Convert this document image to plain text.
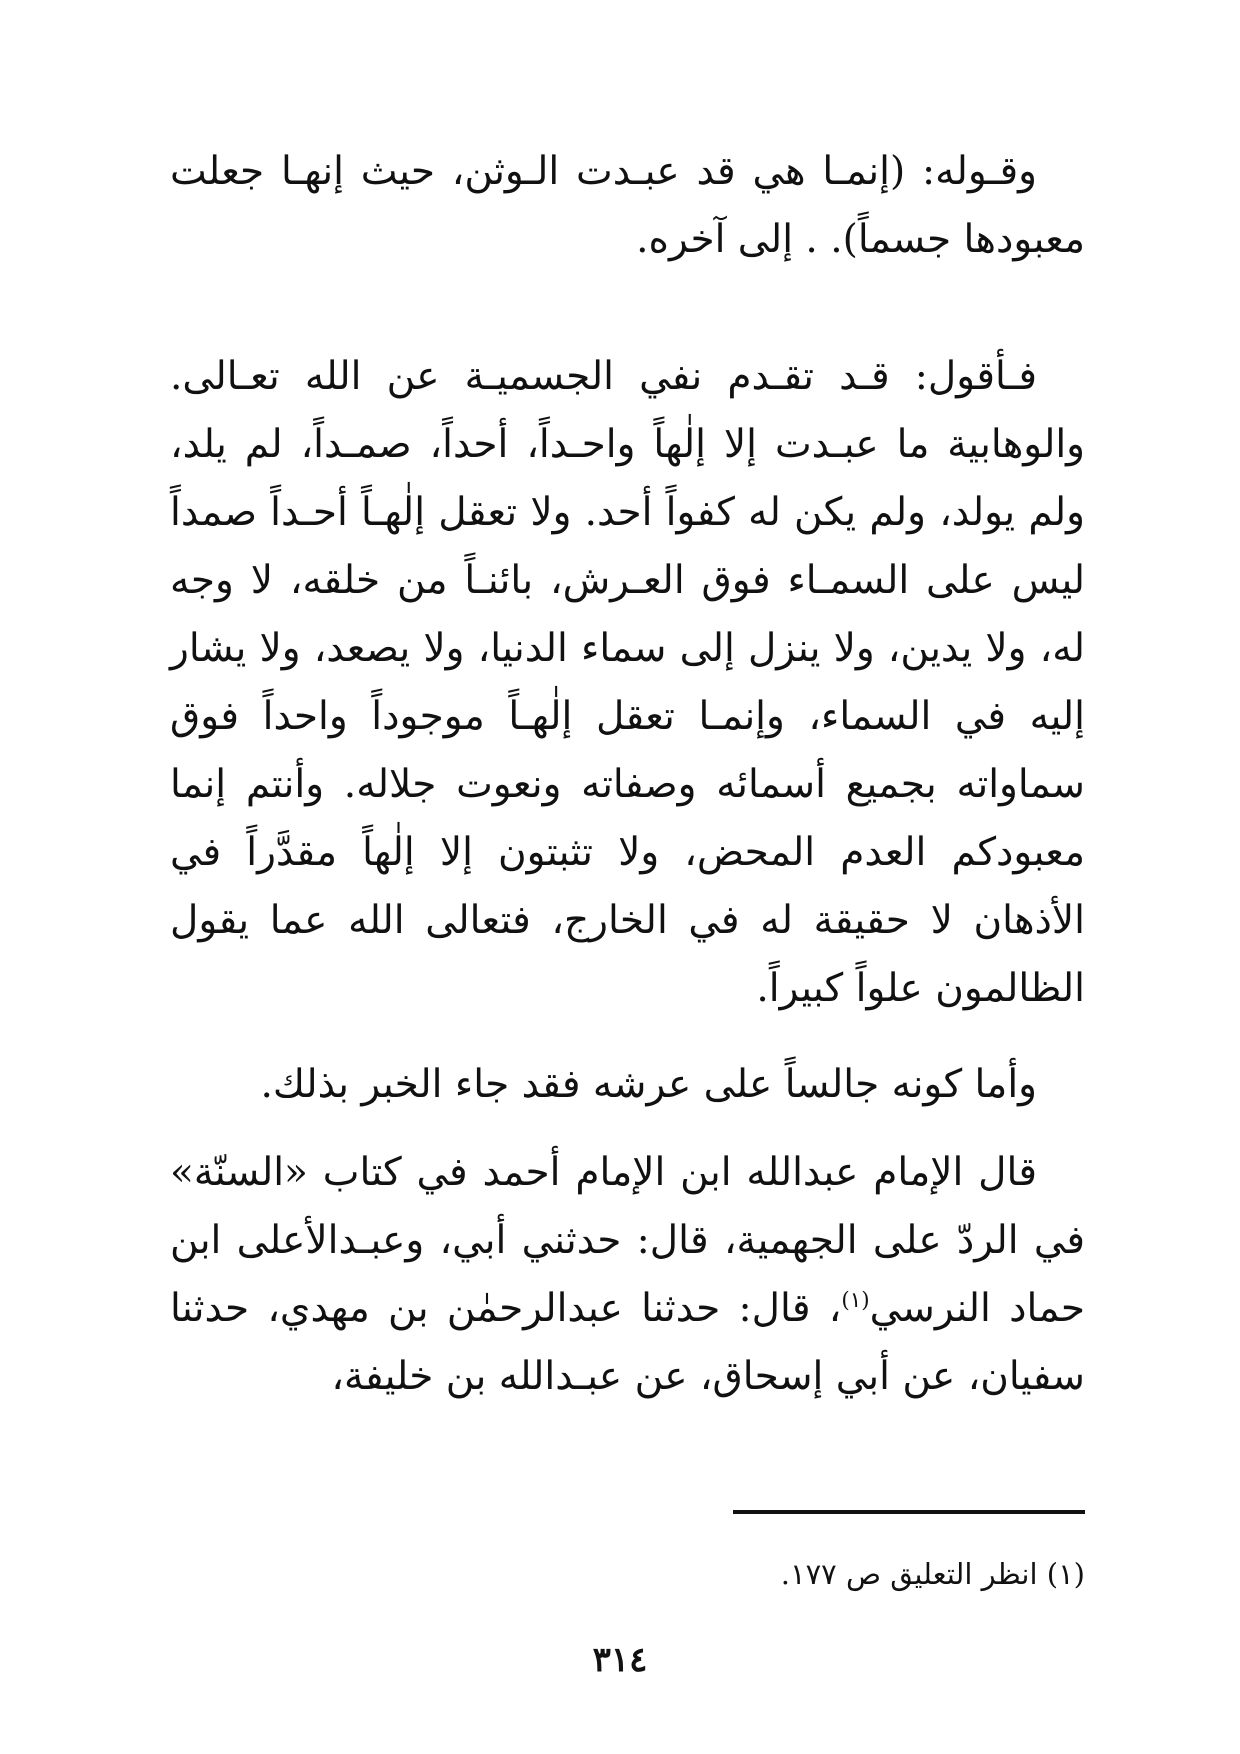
وقـوله: (إنمـا هي قد عبـدت الـوثن، حيث إنهـا جعلت معبودها جسماً). . إلى آخره.

فـأقول: قـد تقـدم نفي الجسميـة عن الله تعـالى. والوهابية ما عبـدت إلا إلٰهاً واحـداً، أحداً، صمـداً، لم يلد، ولم يولد، ولم يكن له كفواً أحد. ولا تعقل إلٰهـاً أحـداً صمداً ليس على السمـاء فوق العـرش، بائنـاً من خلقه، لا وجه له، ولا يدين، ولا ينزل إلى سماء الدنيا، ولا يصعد، ولا يشار إليه في السماء، وإنمـا تعقل إلٰهـاً موجوداً واحداً فوق سماواته بجميع أسمائه وصفاته ونعوت جلاله. وأنتم إنما معبودكم العدم المحض، ولا تثبتون إلا إلٰهاً مقدَّراً في الأذهان لا حقيقة له في الخارج، فتعالى الله عما يقول الظالمون علواً كبيراً.

وأما كونه جالساً على عرشه فقد جاء الخبر بذلك.

قال الإمام عبدالله ابن الإمام أحمد في كتاب «السنّة» في الردّ على الجهمية، قال: حدثني أبي، وعبـدالأعلى ابن حماد النرسي$^{(١)}$، قال: حدثنا عبدالرحمٰن بن مهدي، حدثنا سفيان، عن أبي إسحاق، عن عبـدالله بن خليفة،

(١) انظر التعليق ص ١٧٧.
٣١٤
